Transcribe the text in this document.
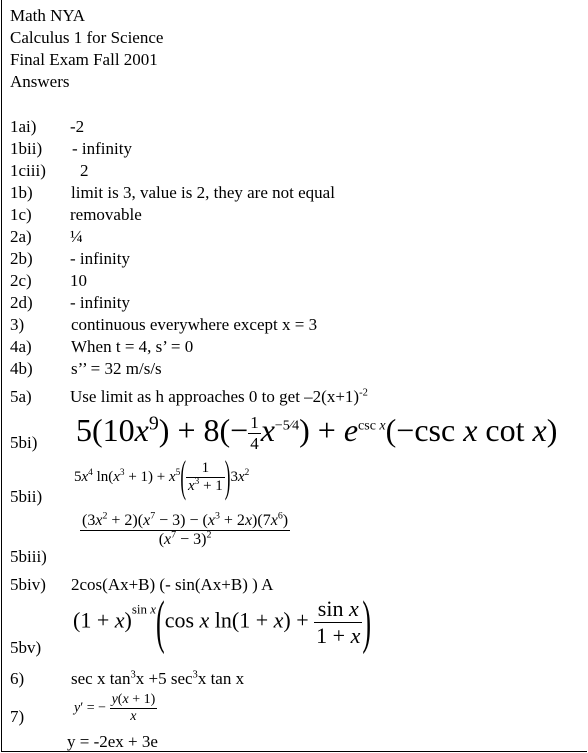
Math NYA
Calculus 1 for Science
Final Exam Fall 2001
Answers
1ai) -2
1bii) - infinity
1ciii) 2
1b) limit is 3, value is 2, they are not equal
1c) removable
2a) ¼
2b) - infinity
2c) 10
2d) - infinity
3)	continuous everywhere except x = 3
4a) When t = 4, s’ = 0
4b) s’’ = 32 m/s/s
5a) Use limit as h approaches 0 to get $-2(x+1)^{-2}$
5bi) $5(10x^9) + 8(- \frac{1}{4} x^{-5⁄4}) + e^{csc x}(-\csc$ x cot x)
5bii)
$5x^4$ $\ln(x^3 + 1) + x^5( \frac{1}{x^3 + 1} )3x^2$
5biii)
$\frac{(3x^2 + 2)(x^7 - 3) - (x^3 + 2x)(7x^6)}{(x^7 - 3)^2}$
5biv) 2cos(Ax+B) (- sin(Ax+B) ) A
5bv)
$(1 + x)^{sin x}(\cos$ x $\ln(1 + x) + \frac{\text{sin x}}{1 + x}$ )
6)	sec x $\tan^3x +5$ $\sec^3x$ tan x
7)	y′ = − $\frac{y(x + 1)}{x}$
y = -2ex + 3e
